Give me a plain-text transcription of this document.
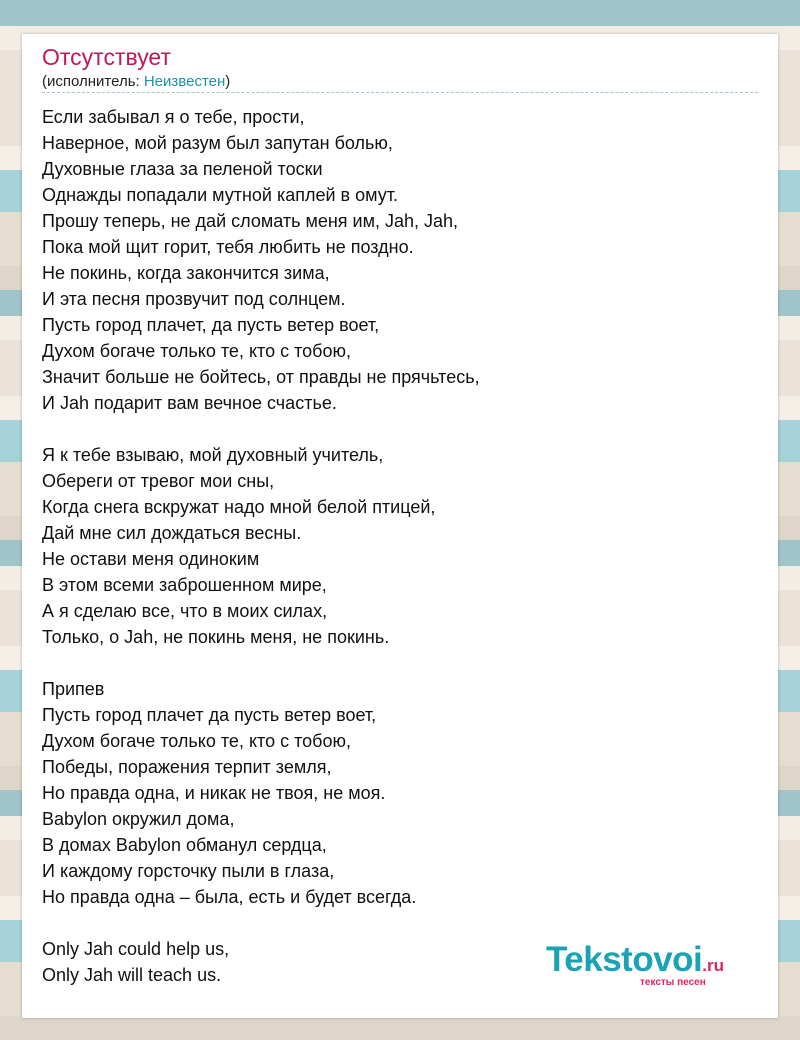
Отсутствует
(исполнитель: Неизвестен)
Если забывал я о тебе, прости,
Наверное, мой разум был запутан болью,
Духовные глаза за пеленой тоски
Однажды попадали мутной каплей в омут.
Прошу теперь, не дай сломать меня им, Jah, Jah,
Пока мой щит горит, тебя любить не поздно.
Не покинь, когда закончится зима,
И эта песня прозвучит под солнцем.
Пусть город плачет, да пусть ветер воет,
Духом богаче только те, кто с тобою,
Значит больше не бойтесь, от правды не прячьтесь,
И Jah подарит вам вечное счастье.
Я к тебе взываю, мой духовный учитель,
Обереги от тревог мои сны,
Когда снега вскружат надо мной белой птицей,
Дай мне сил дождаться весны.
Не остави меня одиноким
В этом всеми заброшенном мире,
А я сделаю все, что в моих силах,
Только, о Jah, не покинь меня, не покинь.
Припев
Пусть город плачет да пусть ветер воет,
Духом богаче только те, кто с тобою,
Победы, поражения терпит земля,
Но правда одна, и никак не твоя, не моя.
Babylon окружил дома,
В домах Babylon обманул сердца,
И каждому горсточку пыли в глаза,
Но правда одна – была, есть и будет всегда.
Only Jah could help us,
Only Jah will teach us.	Tekstovoi.ru
тексты песен
